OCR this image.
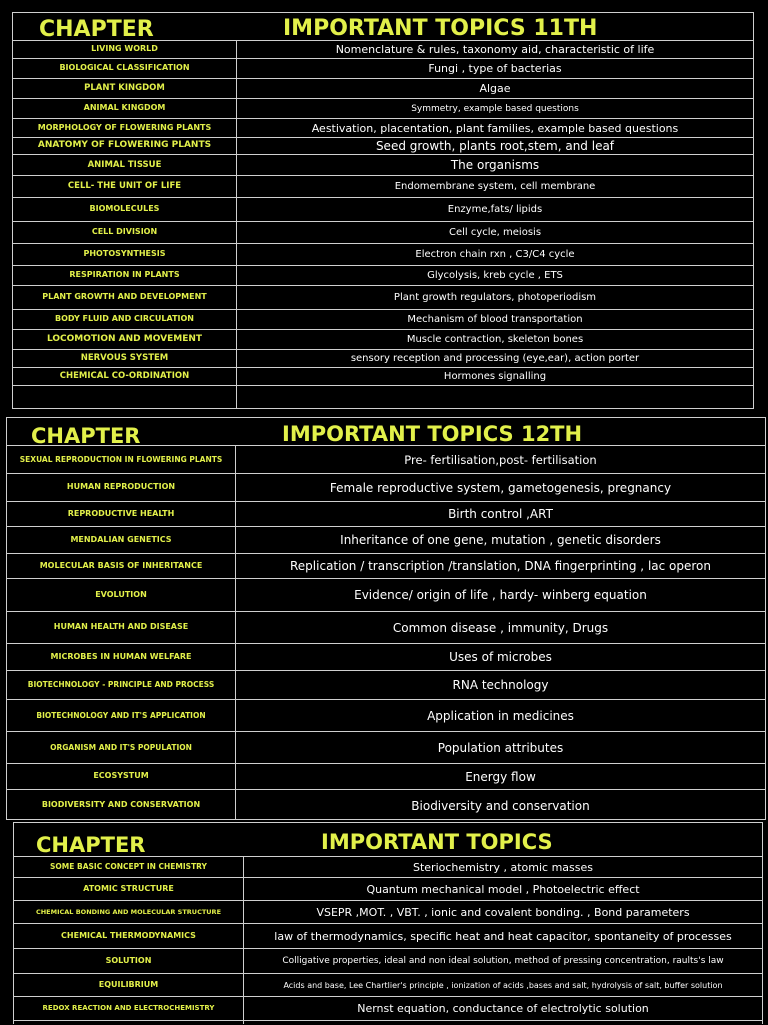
CHAPTER	IMPORTANT TOPICS 11TH
LIVING WORLD	Nomenclature & rules, taxonomy aid, characteristic of life
BIOLOGICAL CLASSIFICATION	Fungi , type of bacterias
PLANT KINGDOM	Algae
ANIMAL KINGDOM	Symmetry, example based questions
MORPHOLOGY OF FLOWERING PLANTS	Aestivation, placentation, plant families, example based questions
ANATOMY OF FLOWERING PLANTS	Seed growth, plants root,stem, and leaf
ANIMAL TISSUE	The organisms
CELL- THE UNIT OF LIFE	Endomembrane system, cell membrane
BIOMOLECULES	Enzyme,fats/ lipids
CELL DIVISION	Cell cycle, meiosis
PHOTOSYNTHESIS	Electron chain rxn , C3/C4 cycle
RESPIRATION IN PLANTS	Glycolysis, kreb cycle , ETS
PLANT GROWTH AND DEVELOPMENT	Plant growth regulators, photoperiodism
BODY FLUID AND CIRCULATION	Mechanism of blood transportation
LOCOMOTION AND MOVEMENT	Muscle contraction, skeleton bones
NERVOUS SYSTEM	sensory reception and processing (eye,ear), action porter
CHEMICAL CO-ORDINATION	Hormones signalling
CHAPTER	IMPORTANT TOPICS 12TH
SEXUAL REPRODUCTION IN FLOWERING PLANTS	Pre- fertilisation,post- fertilisation
HUMAN REPRODUCTION	Female reproductive system, gametogenesis, pregnancy
REPRODUCTIVE HEALTH	Birth control ,ART
MENDALIAN GENETICS	Inheritance of one gene, mutation , genetic disorders
MOLECULAR BASIS OF INHERITANCE	Replication / transcription /translation, DNA fingerprinting , lac operon
EVOLUTION	Evidence/ origin of life , hardy- winberg equation
HUMAN HEALTH AND DISEASE	Common disease , immunity, Drugs
MICROBES IN HUMAN WELFARE	Uses of microbes
BIOTECHNOLOGY - PRINCIPLE AND PROCESS	RNA technology
BIOTECHNOLOGY AND IT'S APPLICATION	Application in medicines
ORGANISM AND IT'S POPULATION	Population attributes
ECOSYSTUM	Energy flow
BIODIVERSITY AND CONSERVATION	Biodiversity and conservation
CHAPTER	IMPORTANT TOPICS
SOME BASIC CONCEPT IN CHEMISTRY	Steriochemistry , atomic masses
ATOMIC STRUCTURE	Quantum mechanical model , Photoelectric effect
CHEMICAL BONDING AND MOLECULAR STRUCTURE	VSEPR ,MOT. , VBT. , ionic and covalent bonding. , Bond parameters
CHEMICAL THERMODYNAMICS	law of thermodynamics, specific heat and heat capacitor, spontaneity of processes
SOLUTION	Colligative properties, ideal and non ideal solution, method of pressing concentration, raults's law
EQUILIBRIUM	Acids and base, Lee Chartlier's principle , ionization of acids ,bases and salt, hydrolysis of salt, buffer solution
REDOX REACTION AND ELECTROCHEMISTRY	Nernst equation, conductance of electrolytic solution
